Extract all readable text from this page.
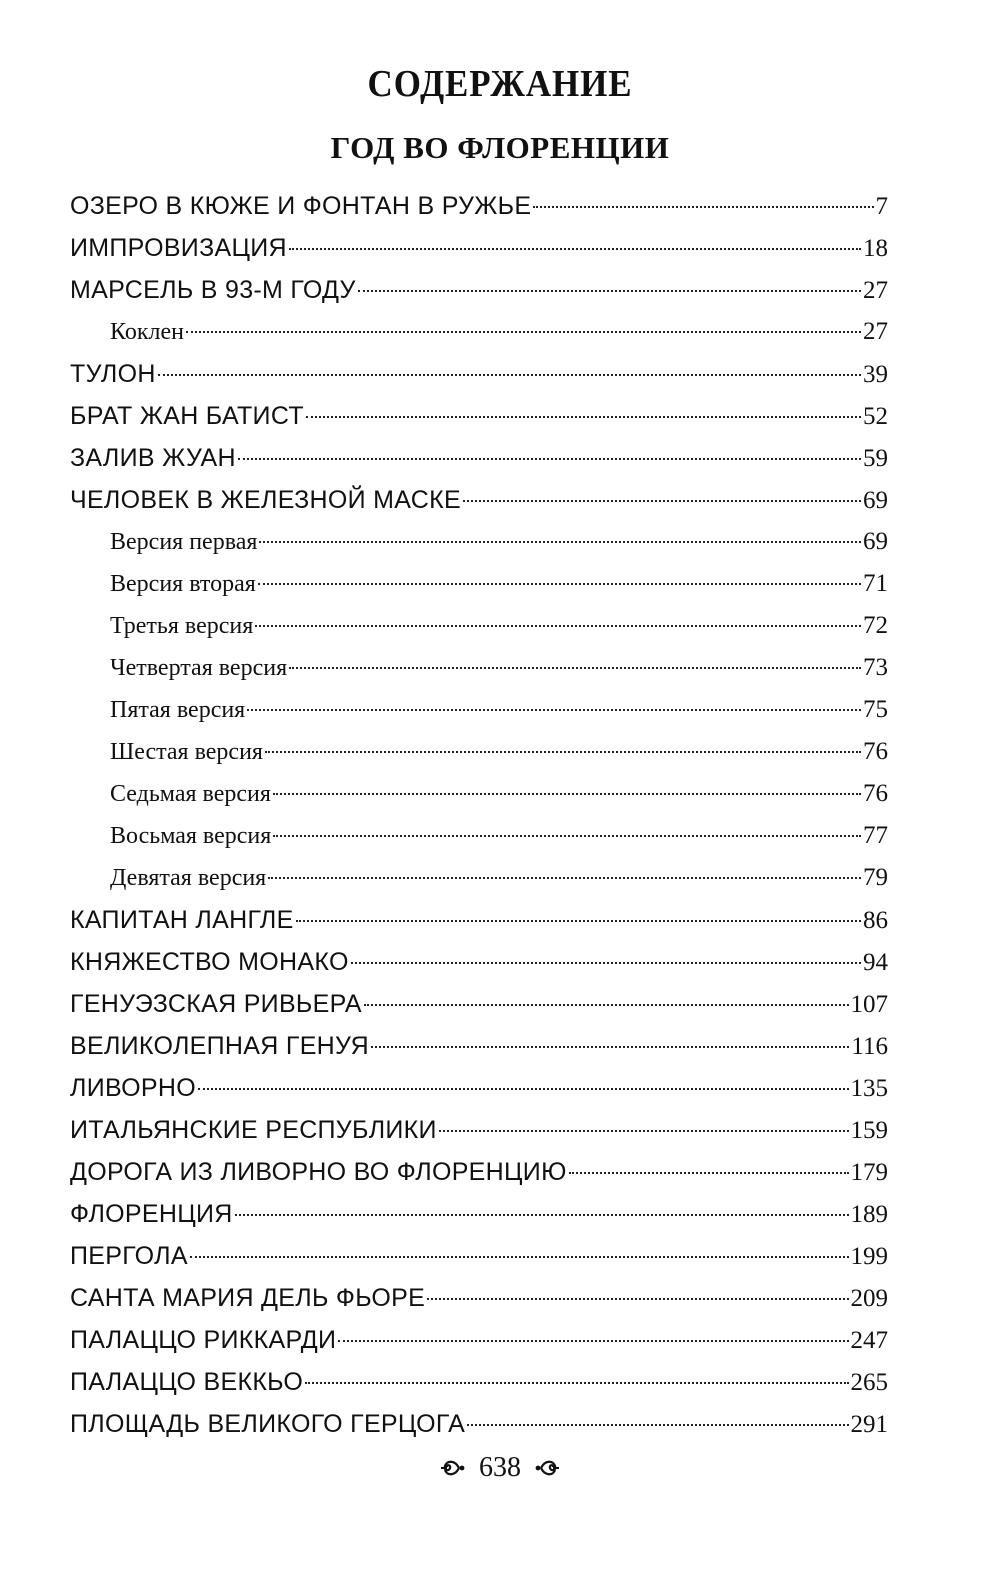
СОДЕРЖАНИЕ
ГОД ВО ФЛОРЕНЦИИ
ОЗЕРО В КЮЖЕ И ФОНТАН В РУЖЬЕ	7
ИМПРОВИЗАЦИЯ	18
МАРСЕЛЬ В 93-М ГОДУ	27
Коклен	27
ТУЛОН	39
БРАТ ЖАН БАТИСТ	52
ЗАЛИВ ЖУАН	59
ЧЕЛОВЕК В ЖЕЛЕЗНОЙ МАСКЕ	69
Версия первая	69
Версия вторая	71
Третья версия	72
Четвертая версия	73
Пятая версия	75
Шестая версия	76
Седьмая версия	76
Восьмая версия	77
Девятая версия	79
КАПИТАН ЛАНГЛЕ	86
КНЯЖЕСТВО МОНАКО	94
ГЕНУЭЗСКАЯ РИВЬЕРА	107
ВЕЛИКОЛЕПНАЯ ГЕНУЯ	116
ЛИВОРНО	135
ИТАЛЬЯНСКИЕ РЕСПУБЛИКИ	159
ДОРОГА ИЗ ЛИВОРНО ВО ФЛОРЕНЦИЮ	179
ФЛОРЕНЦИЯ	189
ПЕРГОЛА	199
САНТА МАРИЯ ДЕЛЬ ФЬОРЕ	209
ПАЛАЦЦО РИККАРДИ	247
ПАЛАЦЦО ВЕККЬО	265
ПЛОЩАДЬ ВЕЛИКОГО ГЕРЦОГА	291
638
